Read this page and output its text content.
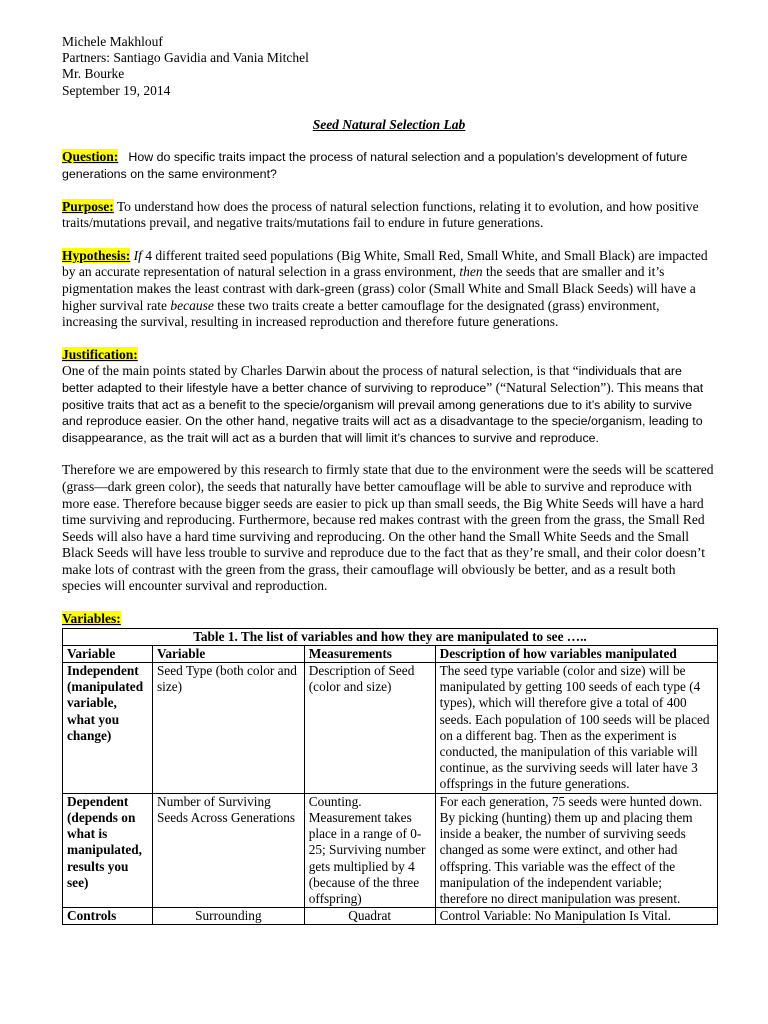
Michele Makhlouf

Partners: Santiago Gavidia and Vania Mitchel

Mr. Bourke

September 19, 2014

Seed Natural Selection Lab

Question: How do specific traits impact the process of natural selection and a population’s development of future generations on the same environment?

Purpose: To understand how does the process of natural selection functions, relating it to evolution, and how positive traits/mutations prevail, and negative traits/mutations fail to endure in future generations.

Hypothesis: If 4 different traited seed populations (Big White, Small Red, Small White, and Small Black) are impacted by an accurate representation of natural selection in a grass environment, then the seeds that are smaller and it’s pigmentation makes the least contrast with dark-green (grass) color (Small White and Small Black Seeds) will have a higher survival rate because these two traits create a better camouflage for the designated (grass) environment, increasing the survival, resulting in increased reproduction and therefore future generations.

Justification:

One of the main points stated by Charles Darwin about the process of natural selection, is that “individuals that are better adapted to their lifestyle have a better chance of surviving to reproduce” (“Natural Selection”). This means that positive traits that act as a benefit to the specie/organism will prevail among generations due to it’s ability to survive and reproduce easier. On the other hand, negative traits will act as a disadvantage to the specie/organism, leading to disappearance, as the trait will act as a burden that will limit it’s chances to survive and reproduce.

Therefore we are empowered by this research to firmly state that due to the environment were the seeds will be scattered (grass—dark green color), the seeds that naturally have better camouflage will be able to survive and reproduce with more ease. Therefore because bigger seeds are easier to pick up than small seeds, the Big White Seeds will have a hard time surviving and reproducing. Furthermore, because red makes contrast with the green from the grass, the Small Red Seeds will also have a hard time surviving and reproducing. On the other hand the Small White Seeds and the Small Black Seeds will have less trouble to survive and reproduce due to the fact that as they’re small, and their color doesn’t make lots of contrast with the green from the grass, their camouflage will obviously be better, and as a result both species will encounter survival and reproduction.

Variables:

Table 1. The list of variables and how they are manipulated to see …..			
Variable	Variable	Measurements	Description of how variables manipulated
Independent (manipulated variable, what you change)	Seed Type (both color and size)	Description of Seed (color and size)	The seed type variable (color and size) will be manipulated by getting 100 seeds of each type (4 types), which will therefore give a total of 400 seeds. Each population of 100 seeds will be placed on a different bag. Then as the experiment is conducted, the manipulation of this variable will continue, as the surviving seeds will later have 3 offsprings in the future generations.
Dependent (depends on what is manipulated, results you see)	Number of Surviving Seeds Across Generations	Counting. Measurement takes place in a range of 0-25; Surviving number gets multiplied by 4 (because of the three offspring)	For each generation, 75 seeds were hunted down. By picking (hunting) them up and placing them inside a beaker, the number of surviving seeds changed as some were extinct, and other had offspring. This variable was the effect of the manipulation of the independent variable; therefore no direct manipulation was present.
Controls	Surrounding	Quadrat	Control Variable: No Manipulation Is Vital.
